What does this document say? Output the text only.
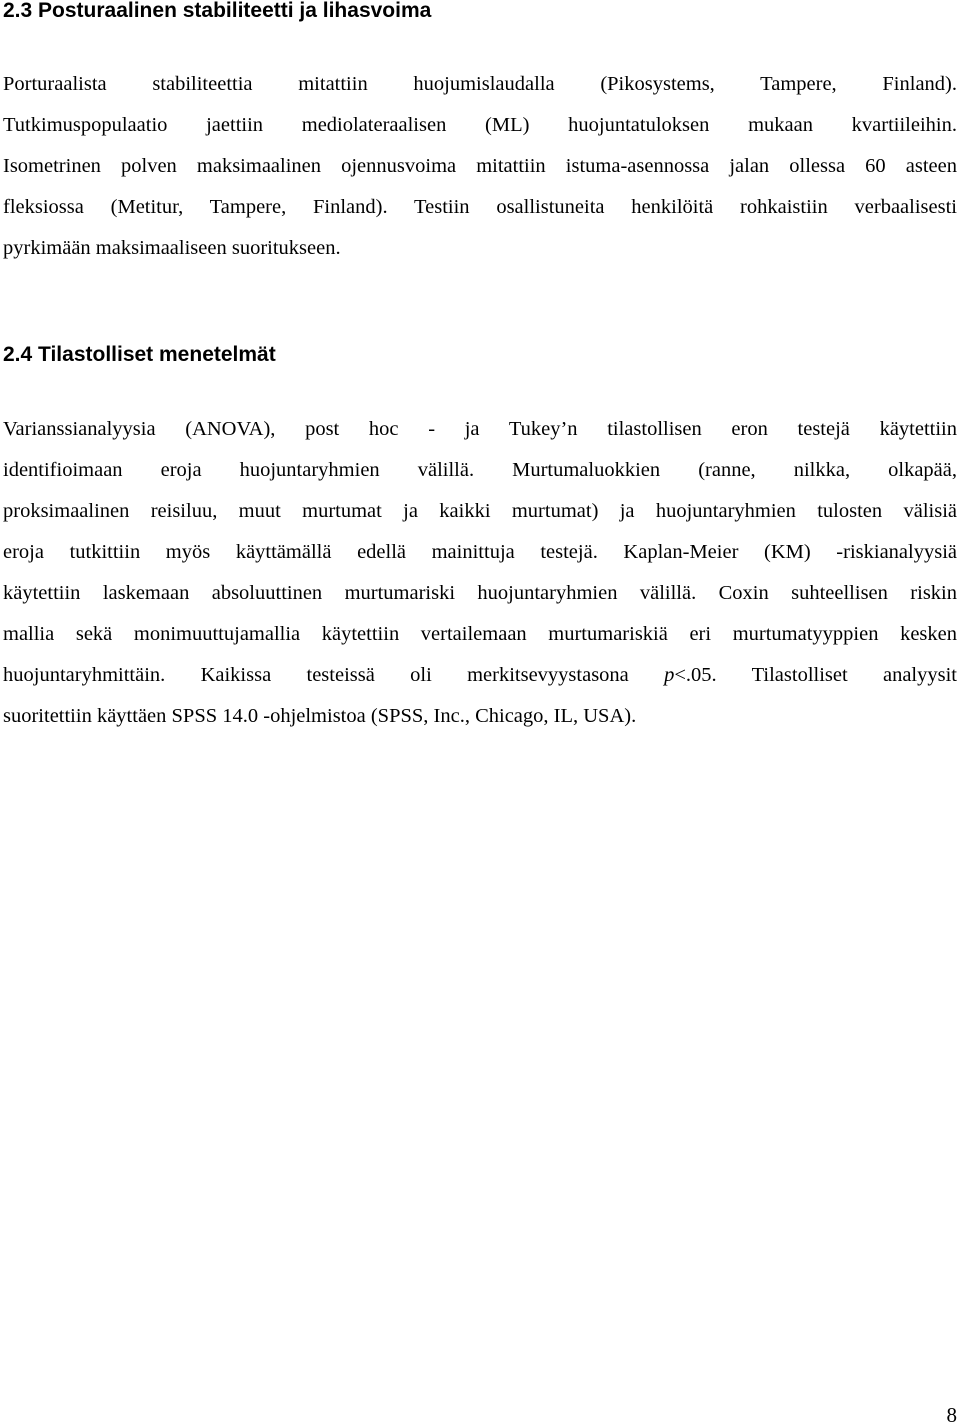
2.3 Posturaalinen stabiliteetti ja lihasvoima
Porturaalista stabiliteettia mitattiin huojumislaudalla (Pikosystems, Tampere, Finland).
Tutkimuspopulaatio jaettiin mediolateraalisen (ML) huojuntatuloksen mukaan kvartiileihin.
Isometrinen polven maksimaalinen ojennusvoima mitattiin istuma-asennossa jalan ollessa 60 asteen
fleksiossa (Metitur, Tampere, Finland). Testiin osallistuneita henkilöitä rohkaistiin verbaalisesti
pyrkimään maksimaaliseen suoritukseen.
2.4 Tilastolliset menetelmät
Varianssianalyysia (ANOVA), post hoc - ja Tukey’n tilastollisen eron testejä käytettiin
identifioimaan eroja huojuntaryhmien välillä. Murtumaluokkien (ranne, nilkka, olkapää,
proksimaalinen reisiluu, muut murtumat ja kaikki murtumat) ja huojuntaryhmien tulosten välisiä
eroja tutkittiin myös käyttämällä edellä mainittuja testejä. Kaplan-Meier (KM) -riskianalyysiä
käytettiin laskemaan absoluuttinen murtumariski huojuntaryhmien välillä. Coxin suhteellisen riskin
mallia sekä monimuuttujamallia käytettiin vertailemaan murtumariskiä eri murtumatyyppien kesken
huojuntaryhmittäin. Kaikissa testeissä oli merkitsevyystasona p<.05. Tilastolliset analyysit
suoritettiin käyttäen SPSS 14.0 -ohjelmistoa (SPSS, Inc., Chicago, IL, USA).
8
